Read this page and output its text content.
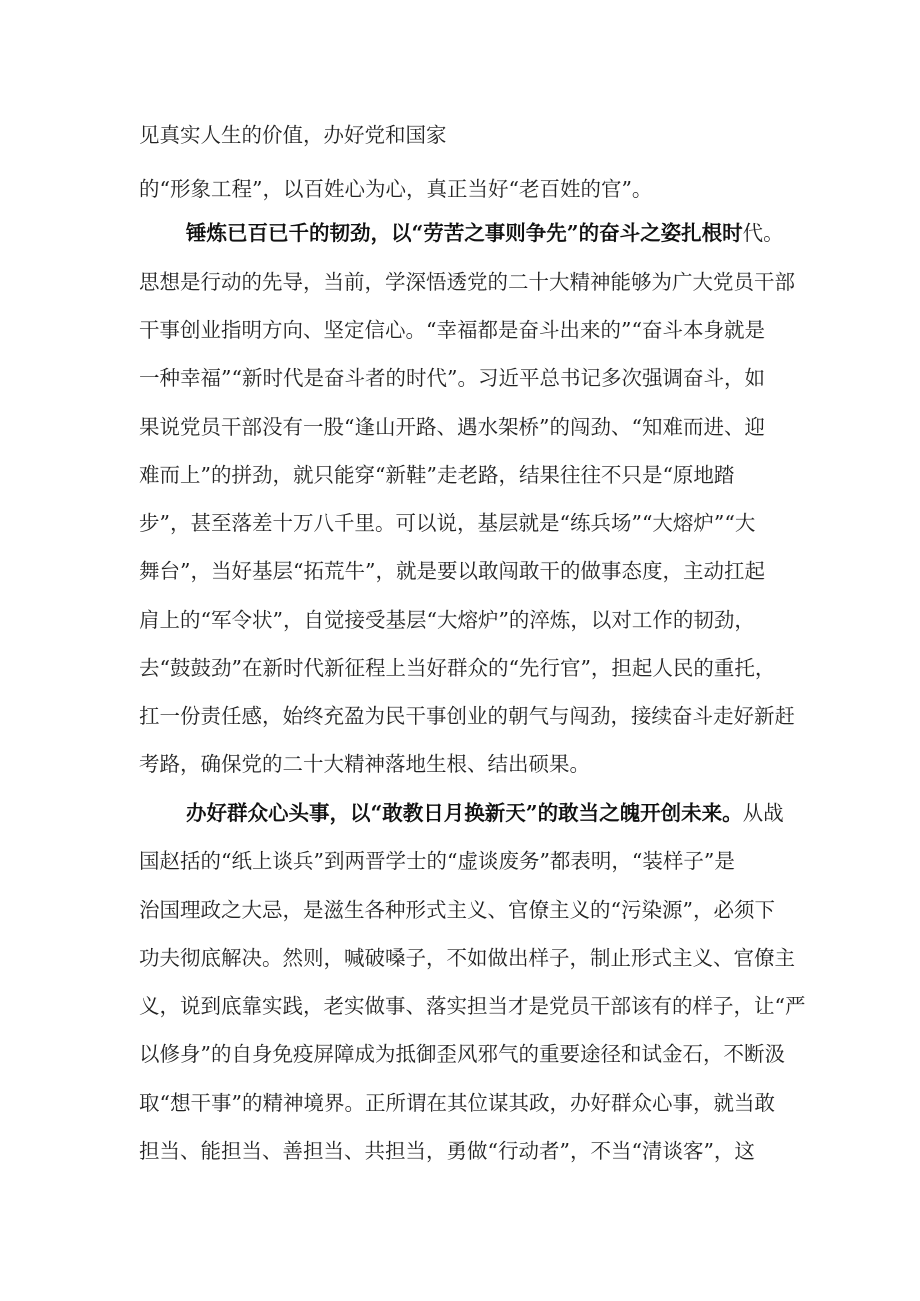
见真实人生的价值，办好党和国家
的“形象工程”，以百姓心为心，真正当好“老百姓的官”。
锤炼已百已千的韧劲，以“劳苦之事则争先”的奋斗之姿扎根时代。
思想是行动的先导，当前，学深悟透党的二十大精神能够为广大党员干部
干事创业指明方向、坚定信心。“幸福都是奋斗出来的”“奋斗本身就是
一种幸福”“新时代是奋斗者的时代”。习近平总书记多次强调奋斗，如
果说党员干部没有一股“逢山开路、遇水架桥”的闯劲、“知难而进、迎
难而上”的拼劲，就只能穿“新鞋”走老路，结果往往不只是“原地踏
步”，甚至落差十万八千里。可以说，基层就是“练兵场”“大熔炉”“大
舞台”，当好基层“拓荒牛”，就是要以敢闯敢干的做事态度，主动扛起
肩上的“军令状”，自觉接受基层“大熔炉”的淬炼，以对工作的韧劲，
去“鼓鼓劲”在新时代新征程上当好群众的“先行官”，担起人民的重托，
扛一份责任感，始终充盈为民干事创业的朝气与闯劲，接续奋斗走好新赶
考路，确保党的二十大精神落地生根、结出硕果。
办好群众心头事，以“敢教日月换新天”的敢当之魄开创未来。从战
国赵括的“纸上谈兵”到两晋学士的“虚谈废务”都表明，“装样子”是
治国理政之大忌，是滋生各种形式主义、官僚主义的“污染源”，必须下
功夫彻底解决。然则，喊破嗓子，不如做出样子，制止形式主义、官僚主
义，说到底靠实践，老实做事、落实担当才是党员干部该有的样子，让“严
以修身”的自身免疫屏障成为抵御歪风邪气的重要途径和试金石，不断汲
取“想干事”的精神境界。正所谓在其位谋其政，办好群众心事，就当敢
担当、能担当、善担当、共担当，勇做“行动者”，不当“清谈客”，这
